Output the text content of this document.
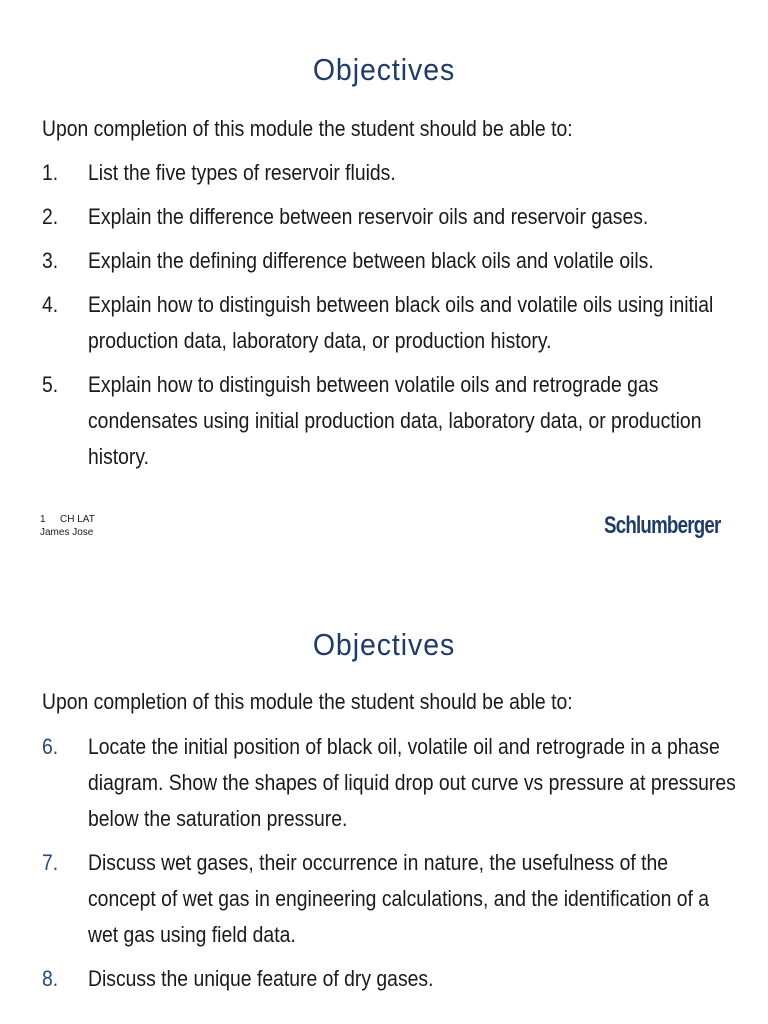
Objectives
Upon completion of this module the student should be able to:
1.	List the five types of reservoir fluids.
2.	Explain the difference between reservoir oils and reservoir gases.
3.	Explain the defining difference between black oils and volatile oils.
4.	Explain how to distinguish between black oils and volatile oils using initial production data, laboratory data, or production history.
5.	Explain how to distinguish between volatile oils and retrograde gas condensates using initial production data, laboratory data, or production history.
1 CH LAT
James Jose	Schlumberger
Objectives
Upon completion of this module the student should be able to:
6.	Locate the initial position of black oil, volatile oil and retrograde in a phase diagram. Show the shapes of liquid drop out curve vs pressure at pressures below the saturation pressure.
7.	Discuss wet gases, their occurrence in nature, the usefulness of the concept of wet gas in engineering calculations, and the identification of a wet gas using field data.
8.	Discuss the unique feature of dry gases.
